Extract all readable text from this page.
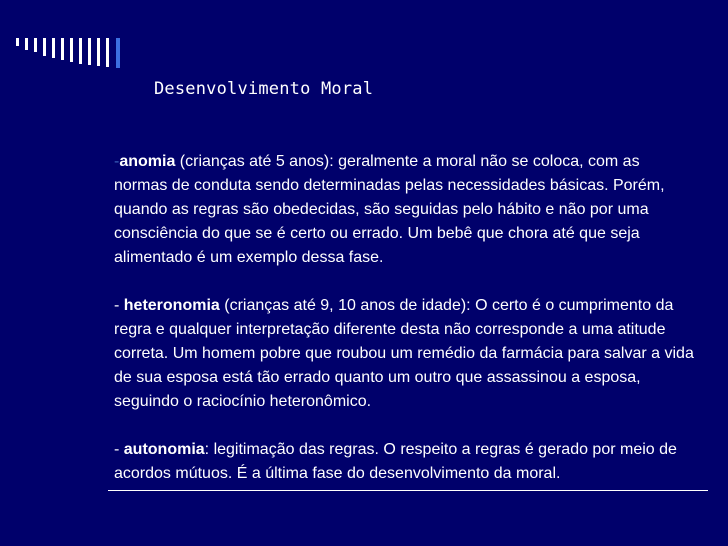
Desenvolvimento Moral

-anomia (crianças até 5 anos): geralmente a moral não se coloca, com as normas de conduta sendo determinadas pelas necessidades básicas. Porém, quando as regras são obedecidas, são seguidas pelo hábito e não por uma consciência do que se é certo ou errado. Um bebê que chora até que seja alimentado é um exemplo dessa fase.

- heteronomia (crianças até 9, 10 anos de idade): O certo é o cumprimento da regra e qualquer interpretação diferente desta não corresponde a uma atitude correta. Um homem pobre que roubou um remédio da farmácia para salvar a vida de sua esposa está tão errado quanto um outro que assassinou a esposa, seguindo o raciocínio heteronômico.

- autonomia: legitimação das regras. O respeito a regras é gerado por meio de acordos mútuos. É a última fase do desenvolvimento da moral.
